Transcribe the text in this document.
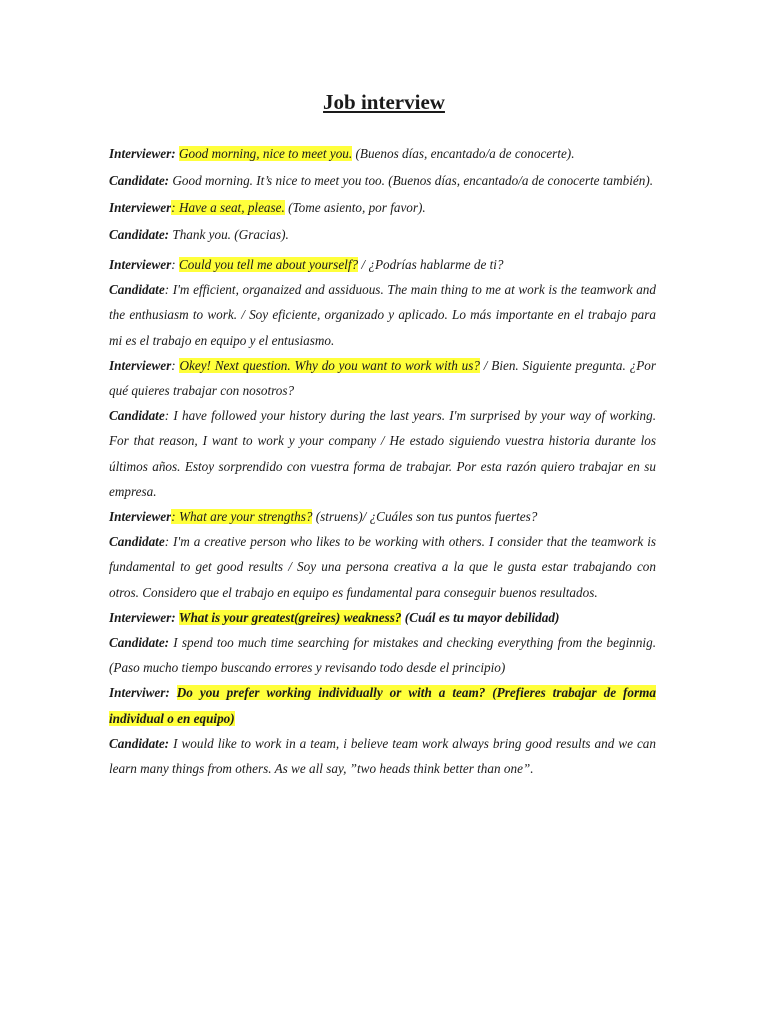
Job interview

Interviewer: Good morning, nice to meet you. (Buenos días, encantado/a de conocerte).

Candidate: Good morning. It’s nice to meet you too. (Buenos días, encantado/a de conocerte también).

Interviewer: Have a seat, please. (Tome asiento, por favor).

Candidate: Thank you. (Gracias).

Interviewer: Could you tell me about yourself? / ¿Podrías hablarme de ti?

Candidate: I'm efficient, organaized and assiduous. The main thing to me at work is the teamwork and the enthusiasm to work. / Soy eficiente, organizado y aplicado. Lo más importante en el trabajo para mi es el trabajo en equipo y el entusiasmo.

Interviewer: Okey! Next question. Why do you want to work with us? / Bien. Siguiente pregunta. ¿Por qué quieres trabajar con nosotros?

Candidate: I have followed your history during the last years. I'm surprised by your way of working. For that reason, I want to work y your company / He estado siguiendo vuestra historia durante los últimos años. Estoy sorprendido con vuestra forma de trabajar. Por esta razón quiero trabajar en su empresa.

Interviewer: What are your strengths? (struens)/ ¿Cuáles son tus puntos fuertes?

Candidate: I'm a creative person who likes to be working with others. I consider that the teamwork is fundamental to get good results / Soy una persona creativa a la que le gusta estar trabajando con otros. Considero que el trabajo en equipo es fundamental para conseguir buenos resultados.

Interviewer: What is your greatest(greires) weakness? (Cuál es tu mayor debilidad)

Candidate: I spend too much time searching for mistakes and checking everything from the beginnig. (Paso mucho tiempo buscando errores y revisando todo desde el principio)

Interviwer: Do you prefer working individually or with a team? (Prefieres trabajar de forma individual o en equipo)

Candidate: I would like to work in a team, i believe team work always bring good results and we can learn many things from others. As we all say, ”two heads think better than one”.
